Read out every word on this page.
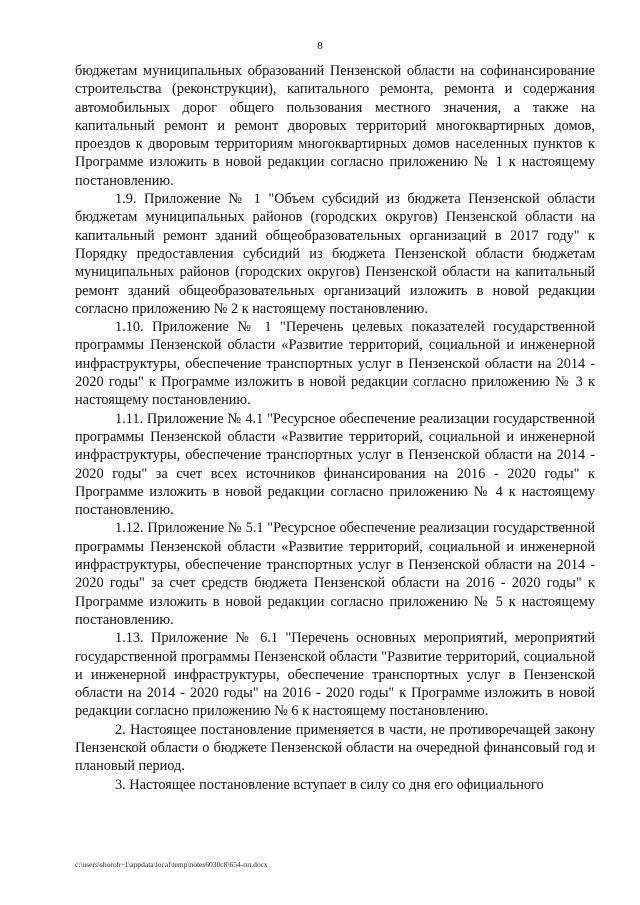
8

бюджетам муниципальных образований Пензенской области на софинансирование строительства (реконструкции), капитального ремонта, ремонта и содержания автомобильных дорог общего пользования местного значения, а также на капитальный ремонт и ремонт дворовых территорий многоквартирных домов, проездов к дворовым территориям многоквартирных домов населенных пунктов к Программе изложить в новой редакции согласно приложению № 1 к настоящему постановлению.

1.9. Приложение № 1 "Объем субсидий из бюджета Пензенской области бюджетам муниципальных районов (городских округов) Пензенской области на капитальный ремонт зданий общеобразовательных организаций в 2017 году" к Порядку предоставления субсидий из бюджета Пензенской области бюджетам муниципальных районов (городских округов) Пензенской области на капитальный ремонт зданий общеобразовательных организаций изложить в новой редакции согласно приложению № 2 к настоящему постановлению.

1.10. Приложение № 1 "Перечень целевых показателей государственной программы Пензенской области «Развитие территорий, социальной и инженерной инфраструктуры, обеспечение транспортных услуг в Пензенской области на 2014 - 2020 годы" к Программе изложить в новой редакции согласно приложению № 3 к настоящему постановлению.

1.11. Приложение № 4.1 "Ресурсное обеспечение реализации государственной программы Пензенской области «Развитие территорий, социальной и инженерной инфраструктуры, обеспечение транспортных услуг в Пензенской области на 2014 - 2020 годы" за счет всех источников финансирования на 2016 - 2020 годы" к Программе изложить в новой редакции согласно приложению № 4 к настоящему постановлению.

1.12. Приложение № 5.1 "Ресурсное обеспечение реализации государственной программы Пензенской области «Развитие территорий, социальной и инженерной инфраструктуры, обеспечение транспортных услуг в Пензенской области на 2014 - 2020 годы" за счет средств бюджета Пензенской области на 2016 - 2020 годы" к Программе изложить в новой редакции согласно приложению № 5 к настоящему постановлению.

1.13. Приложение № 6.1 "Перечень основных мероприятий, мероприятий государственной программы Пензенской области "Развитие территорий, социальной и инженерной инфраструктуры, обеспечение транспортных услуг в Пензенской области на 2014 - 2020 годы" на 2016 - 2020 годы" к Программе изложить в новой редакции согласно приложению № 6 к настоящему постановлению.

2. Настоящее постановление применяется в части, не противоречащей закону Пензенской области о бюджете Пензенской области на очередной финансовый год и плановый период.

3. Настоящее постановление вступает в силу со дня его официального

c:\users\shoroh~1\appdata\local\temp\notes6030c8\654-пп.docx
